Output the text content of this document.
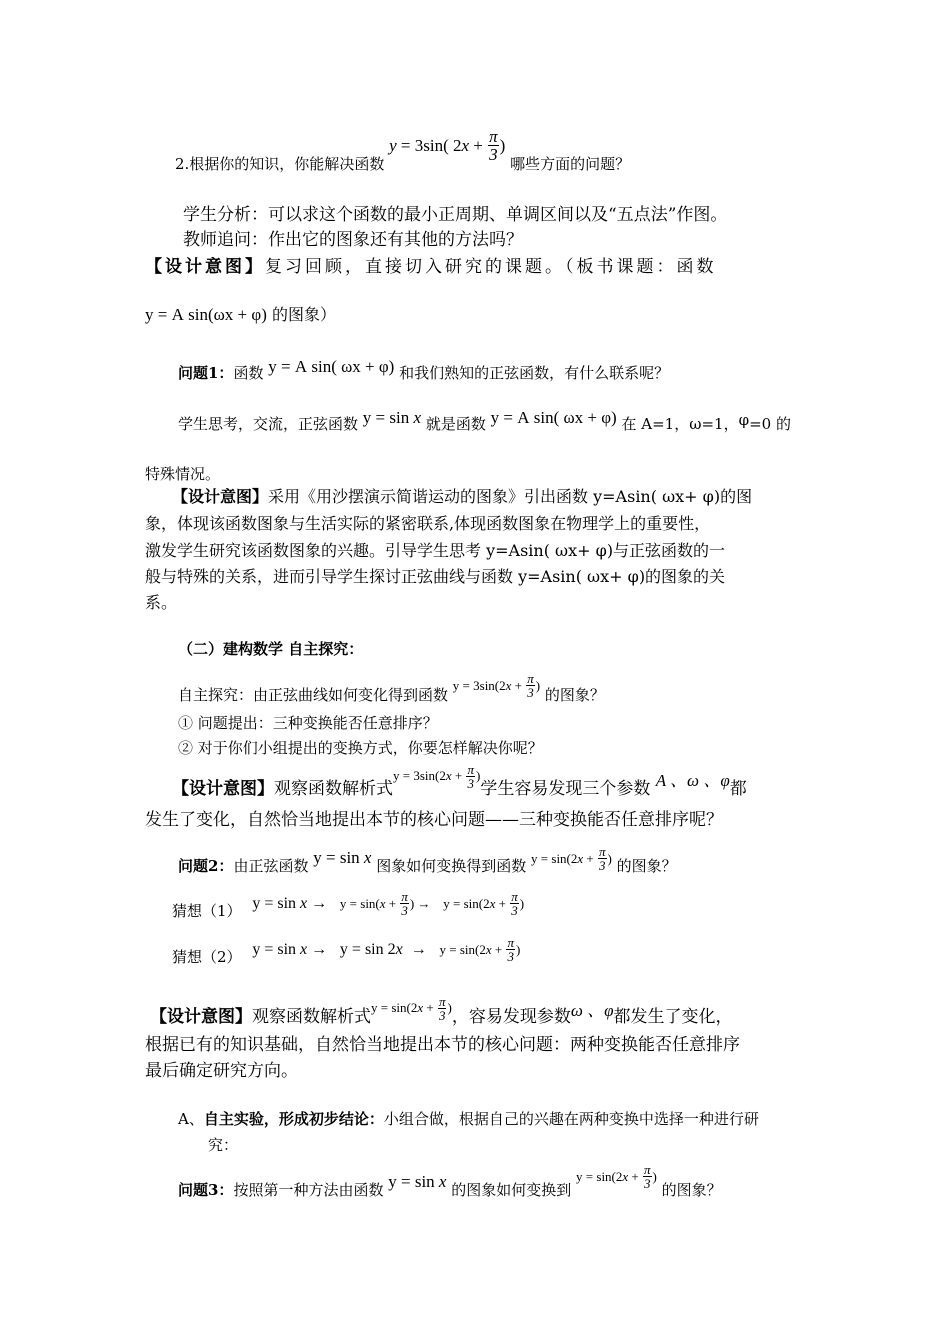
2.根据你的知识，你能解决函数
y = 3sin( 2 $x + \frac{\pi}{3}$ ) 哪些方面的问题？
学生分析：可以求这个函数的最小正周期、单调区间以及“五点法”作图。
教师追问：作出它的图象还有其他的方法吗？
【设计意图】复习回顾，直接切入研究的课题。（板书课题：函数
y = A sin(ωx + φ) 的图象）
问题1：函数 y = A sin( ωx + φ) 和我们熟知的正弦函数，有什么联系呢？
学生思考，交流，正弦函数 y = sin x 就是函数 y = A sin( ωx + φ) 在 A=1，ω=1，φ=0 的
特殊情况。
【设计意图】采用《用沙摆演示简谐运动的图象》引出函数 y=Asin( ωx+ φ)的图
象，体现该函数图象与生活实际的紧密联系,体现函数图象在物理学上的重要性，
激发学生研究该函数图象的兴趣。引导学生思考 y=Asin( ωx+ φ)与正弦函数的一
般与特殊的关系，进而引导学生探讨正弦曲线与函数 y=Asin( ωx+ φ)的图象的关
系。
（二）建构数学 自主探究：
自主探究：由正弦曲线如何变化得到函数 y = 3sin(2 $x + \frac{\pi}{3}$ ) 的图象？
① 问题提出：三种变换能否任意排序？
② 对于你们小组提出的变换方式，你要怎样解决你呢？
【设计意图】观察函数解析式y = 3sin(2 $x + \frac{\pi}{3}$ )学生容易发现三个参数 A 、ω 、φ都
发生了变化，自然恰当地提出本节的核心问题——三种变换能否任意排序呢？
问题2：由正弦函数 y = sin x 图象如何变换得到函数 y = sin(2 $x + \frac{\pi}{3}$ ) 的图象？
猜想（1） y = sin x → y = sin( $x + \frac{\pi}{3}$ ) → y = sin(2 $x + \frac{\pi}{3}$ )
猜想（2） y = sin x → y = sin 2 x → y = sin(2 $x + \frac{\pi}{3}$ )
【设计意图】观察函数解析式y = sin(2 $x + \frac{\pi}{3}$ )，容易发现参数ω 、φ都发生了变化，
根据已有的知识基础，自然恰当地提出本节的核心问题：两种变换能否任意排序
最后确定研究方向。
A、自主实验，形成初步结论：小组合做，根据自己的兴趣在两种变换中选择一种进行研
究：
问题3：按照第一种方法由函数 y = sin x 的图象如何变换到 y = sin(2 $x + \frac{\pi}{3}$ ) 的图象？
